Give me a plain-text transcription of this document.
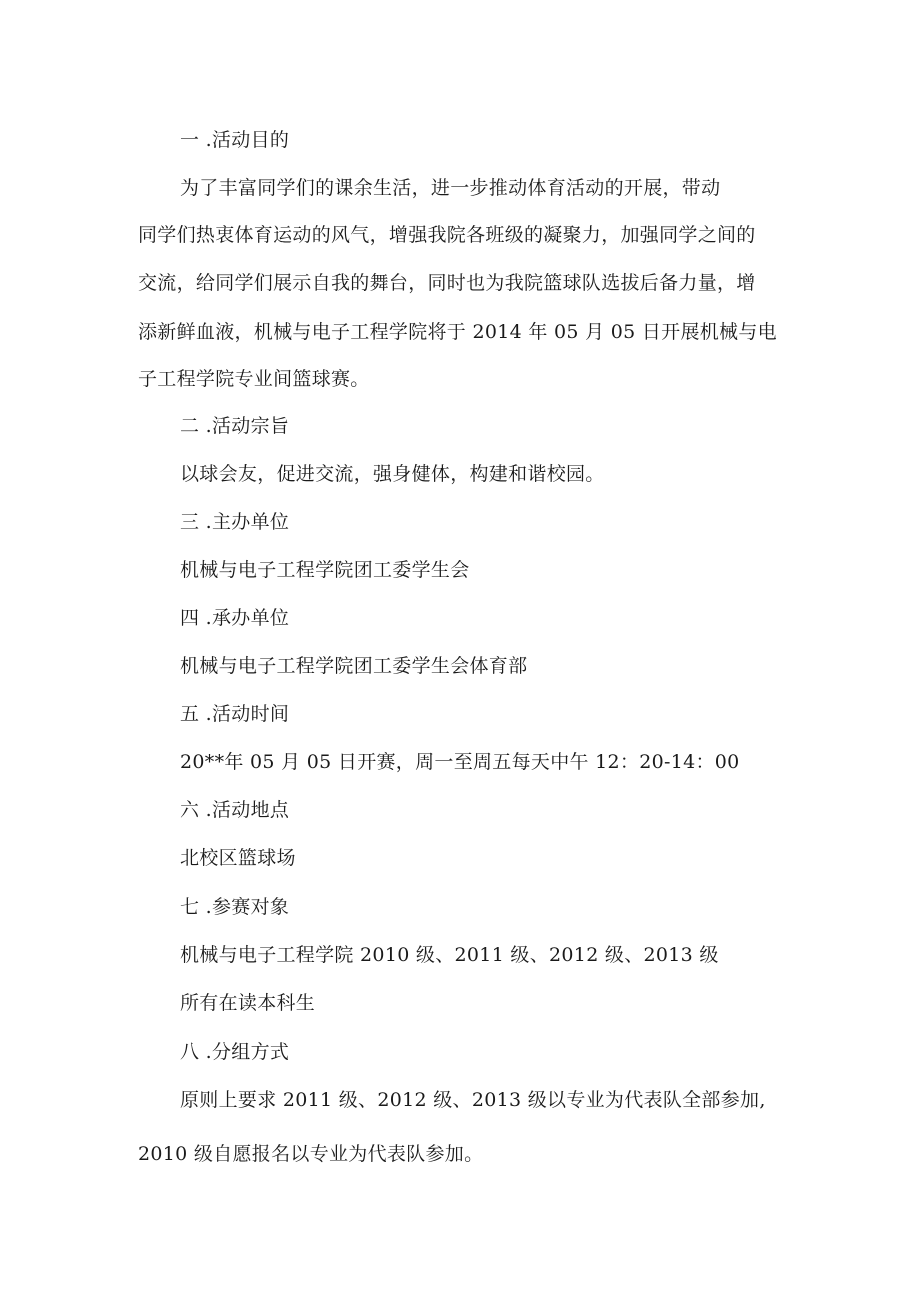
一 .活动目的
为了丰富同学们的课余生活，进一步推动体育活动的开展，带动
同学们热衷体育运动的风气，增强我院各班级的凝聚力，加强同学之间的
交流，给同学们展示自我的舞台，同时也为我院篮球队选拔后备力量，增
添新鲜血液，机械与电子工程学院将于 2014 年 05 月 05 日开展机械与电
子工程学院专业间篮球赛。
二 .活动宗旨
以球会友，促进交流，强身健体，构建和谐校园。
三 .主办单位
机械与电子工程学院团工委学生会
四 .承办单位
机械与电子工程学院团工委学生会体育部
五 .活动时间
20**年 05 月 05 日开赛，周一至周五每天中午 12：20-14：00
六 .活动地点
北校区篮球场
七 .参赛对象
机械与电子工程学院 2010 级、2011 级、2012 级、2013 级
所有在读本科生
八 .分组方式
原则上要求 2011 级、2012 级、2013 级以专业为代表队全部参加,
2010 级自愿报名以专业为代表队参加。
